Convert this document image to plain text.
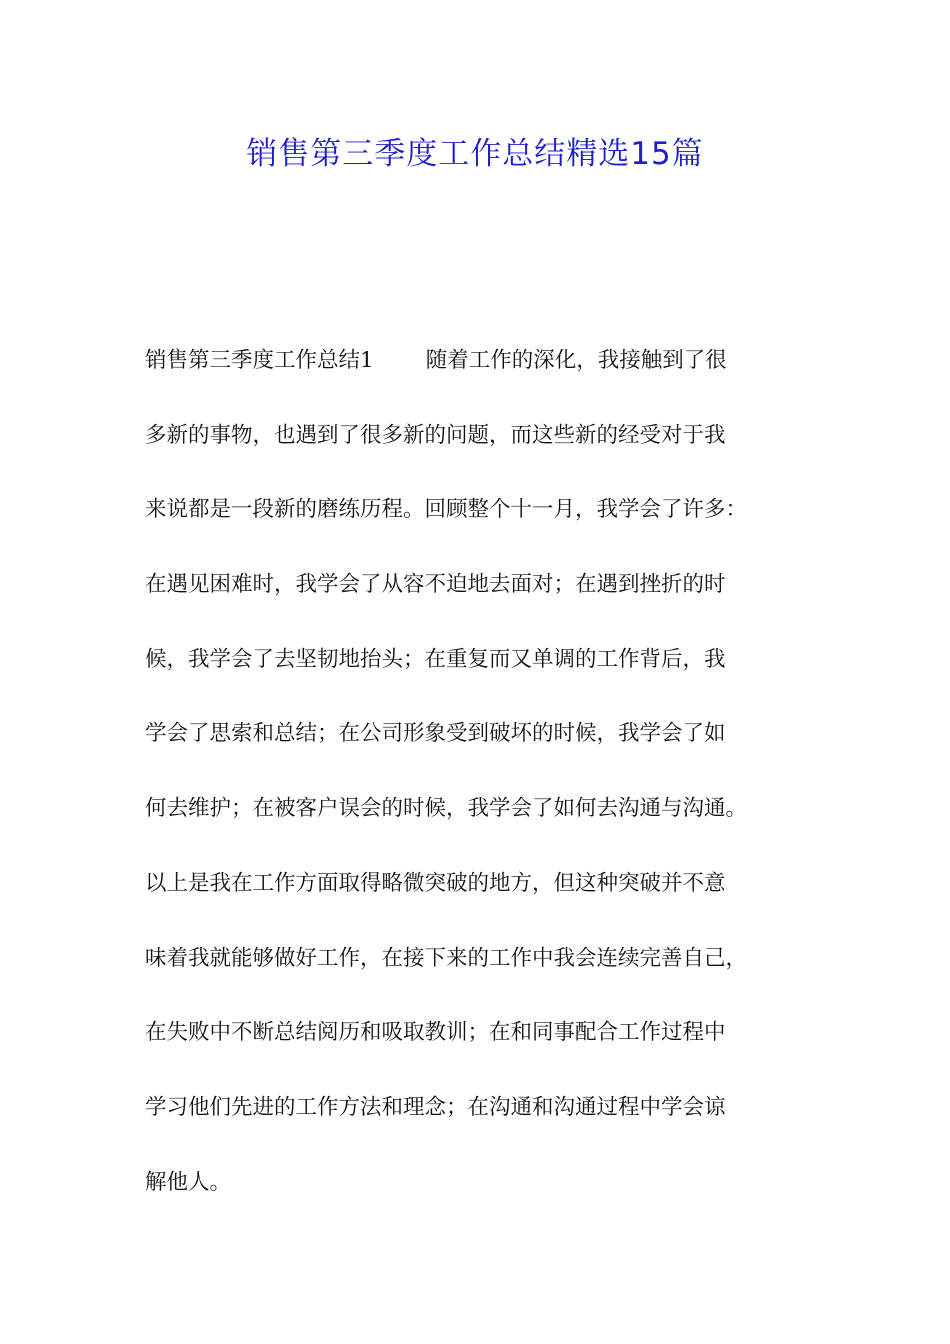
销售第三季度工作总结精选15篇
销售第三季度工作总结1 随着工作的深化，我接触到了很
多新的事物，也遇到了很多新的问题，而这些新的经受对于我
来说都是一段新的磨练历程。回顾整个十一月，我学会了许多：
在遇见困难时，我学会了从容不迫地去面对；在遇到挫折的时
候，我学会了去坚韧地抬头；在重复而又单调的工作背后，我
学会了思索和总结；在公司形象受到破坏的时候，我学会了如
何去维护；在被客户误会的时候，我学会了如何去沟通与沟通。
以上是我在工作方面取得略微突破的地方，但这种突破并不意
味着我就能够做好工作，在接下来的工作中我会连续完善自己，
在失败中不断总结阅历和吸取教训；在和同事配合工作过程中
学习他们先进的工作方法和理念；在沟通和沟通过程中学会谅
解他人。
